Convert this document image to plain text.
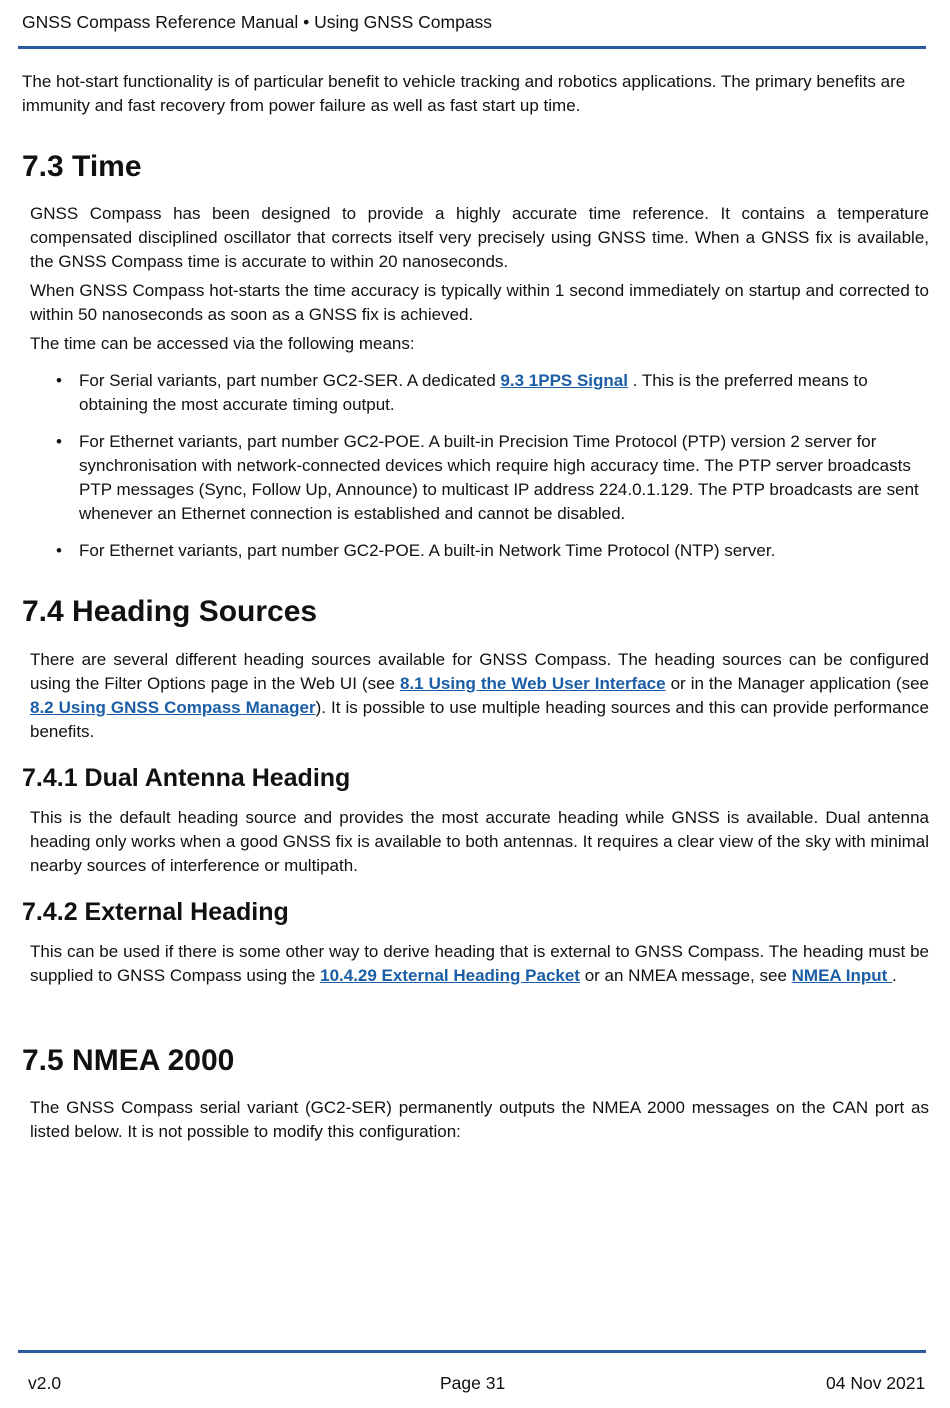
GNSS Compass Reference Manual • Using GNSS Compass

The hot-start functionality is of particular benefit to vehicle tracking and robotics applications. The primary benefits are immunity and fast recovery from power failure as well as fast start up time.

7.3 Time

GNSS Compass has been designed to provide a highly accurate time reference. It contains a temperature compensated disciplined oscillator that corrects itself very precisely using GNSS time. When a GNSS fix is available, the GNSS Compass time is accurate to within 20 nanoseconds.

When GNSS Compass hot-starts the time accuracy is typically within 1 second immediately on startup and corrected to within 50 nanoseconds as soon as a GNSS fix is achieved.

The time can be accessed via the following means:

• For Serial variants, part number GC2-SER. A dedicated 9.3 1PPS Signal . This is the preferred means to obtaining the most accurate timing output.
• For Ethernet variants, part number GC2-POE. A built-in Precision Time Protocol (PTP) version 2 server for synchronisation with network-connected devices which require high accuracy time. The PTP server broadcasts PTP messages (Sync, Follow Up, Announce) to multicast IP address 224.0.1.129. The PTP broadcasts are sent whenever an Ethernet connection is established and cannot be disabled.
• For Ethernet variants, part number GC2-POE. A built-in Network Time Protocol (NTP) server.
7.4 Heading Sources

There are several different heading sources available for GNSS Compass. The heading sources can be configured using the Filter Options page in the Web UI (see 8.1 Using the Web User Interface or in the Manager application (see 8.2 Using GNSS Compass Manager). It is possible to use multiple heading sources and this can provide performance benefits.

7.4.1 Dual Antenna Heading

This is the default heading source and provides the most accurate heading while GNSS is available. Dual antenna heading only works when a good GNSS fix is available to both antennas. It requires a clear view of the sky with minimal nearby sources of interference or multipath.

7.4.2 External Heading

This can be used if there is some other way to derive heading that is external to GNSS Compass. The heading must be supplied to GNSS Compass using the 10.4.29 External Heading Packet or an NMEA message, see NMEA Input .

7.5 NMEA 2000

The GNSS Compass serial variant (GC2-SER) permanently outputs the NMEA 2000 messages on the CAN port as listed below. It is not possible to modify this configuration:

v2.0	Page 31	04 Nov 2021
